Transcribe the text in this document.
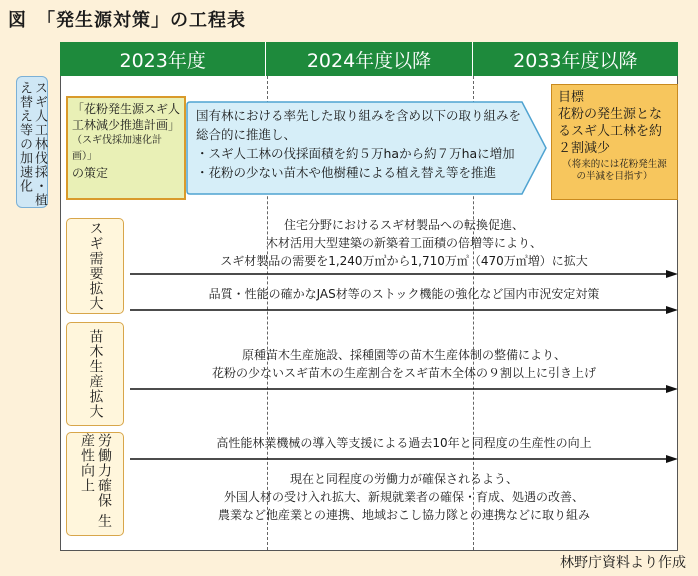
図　「発生源対策」の工程表
2023年度	2024年度以降	2033年度以降
スギ人工林伐採・植え替え等の加速化	「花粉発生源スギ人工林減少推進計画」
（スギ伐採加速化計画）」
の策定
国有林における率先した取り組みを含め以下の取り組みを
総合的に推進し、
・スギ人工林の伐採面積を約５万haから約７万haに増加
・花粉の少ない苗木や他樹種による植え替え等を推進
目標
花粉の発生源となるスギ人工林を約２割減少
（将来的には花粉発生源の半減を目指す）
スギ需要拡大
苗木生産拡大
労働力確保 生産性向上
住宅分野におけるスギ材製品への転換促進、
木材活用大型建築の新築着工面積の倍増等により、
スギ材製品の需要を1,240万㎥から1,710万㎥（470万㎥増）に拡大
品質・性能の確かなJAS材等のストック機能の強化など国内市況安定対策
原種苗木生産施設、採種園等の苗木生産体制の整備により、
花粉の少ないスギ苗木の生産割合をスギ苗木全体の９割以上に引き上げ
高性能林業機械の導入等支援による過去10年と同程度の生産性の向上
現在と同程度の労働力が確保されるよう、
外国人材の受け入れ拡大、新規就業者の確保・育成、処遇の改善、
農業など他産業との連携、地域おこし協力隊との連携などに取り組み
林野庁資料より作成
